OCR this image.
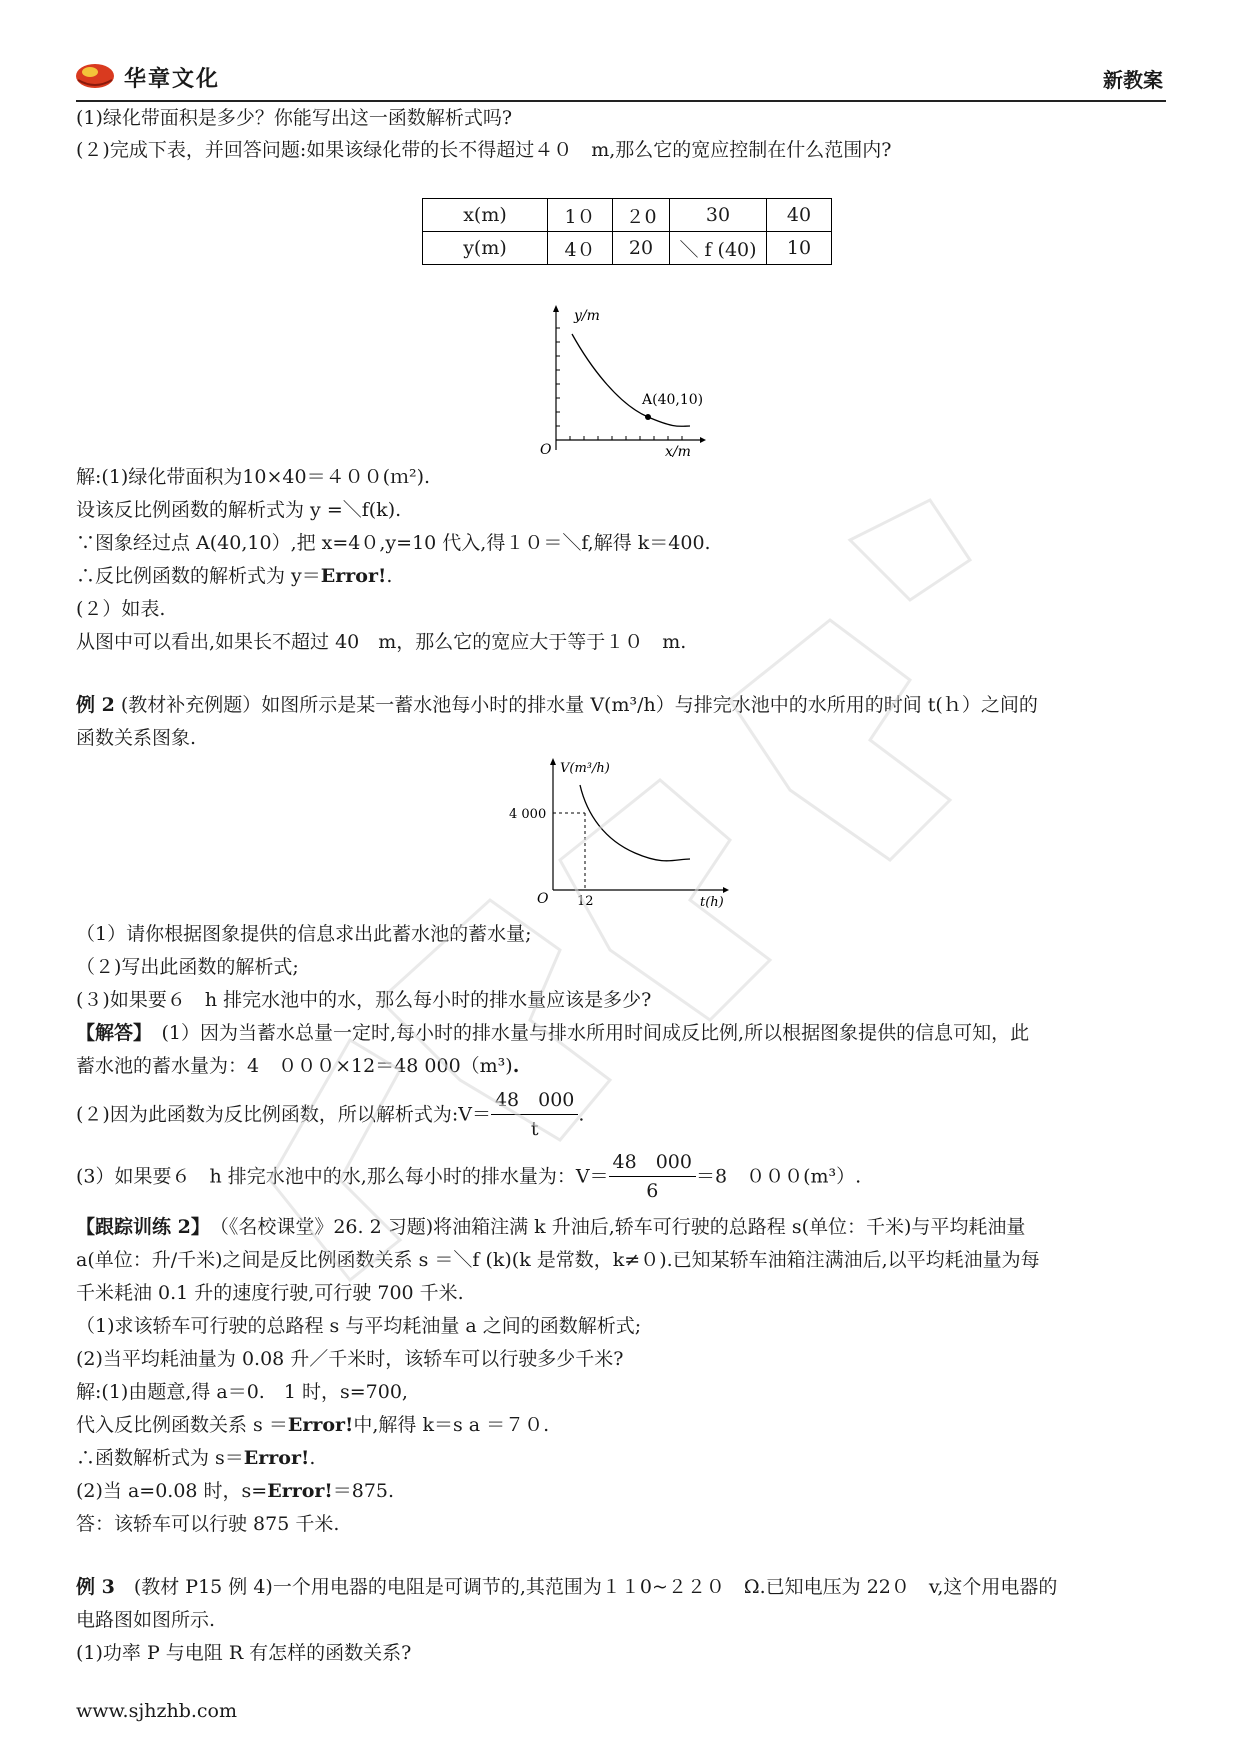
华章文化	新教案
(1)绿化带面积是多少？你能写出这一函数解析式吗?
(２)完成下表，并回答问题:如果该绿化带的长不得超过４０　m,那么它的宽应控制在什么范围内?
x(m)	1０	２0	30	40
y(m)	4０	20	＼ f (40)	10
y/m
x/m
O
A(40,10)
解:(1)绿化带面积为10×40＝４００(ｍ²).
设该反比例函数的解析式为 y =＼f(k).
∵图象经过点 A(40,10）,把 x=4０,y=10 代入,得１０＝＼f,解得 k＝400.
∴反比例函数的解析式为 y＝Error!.
(２）如表.
从图中可以看出,如果长不超过 40　m，那么它的宽应大于等于１０　m.
例 2 (教材补充例题）如图所示是某一蓄水池每小时的排水量 V(m³/h）与排完水池中的水所用的时间 t(ｈ）之间的
函数关系图象.
V(m³/h)
t(h)
O
4 000
12
（1）请你根据图象提供的信息求出此蓄水池的蓄水量;
（２)写出此函数的解析式;
(３)如果要６　h 排完水池中的水，那么每小时的排水量应该是多少?
【解答】　(1）因为当蓄水总量一定时,每小时的排水量与排水所用时间成反比例,所以根据图象提供的信息可知，此
蓄水池的蓄水量为：4　０００×12＝48 000（m³).
(２)因为此函数为反比例函数，所以解析式为:V＝ $\frac{48 000}{t}$ .
(3）如果要６　h 排完水池中的水,那么每小时的排水量为：$V= \frac{48 000}{6} =8$　０００(m³）.
【跟踪训练 2】　（《名校课堂》26. 2 习题)将油箱注满 k 升油后,轿车可行驶的总路程 s(单位：千米)与平均耗油量
a(单位：升/千米)之间是反比例函数关系 s ＝＼f (k)(k 是常数，k≠０).已知某轿车油箱注满油后,以平均耗油量为每
千米耗油 0.1 升的速度行驶,可行驶 700 千米.
（1)求该轿车可行驶的总路程 s 与平均耗油量 a 之间的函数解析式;
(2)当平均耗油量为 0.08 升／千米时，该轿车可以行驶多少千米?
解:(1)由题意,得 a＝0.　1 时，s=700,
代入反比例函数关系 s ＝Error!中,解得 k＝s a ＝７０.
∴函数解析式为 s＝Error!.
(2)当 a=0.08 时，s=Error!＝875.
答：该轿车可以行驶 875 千米.
例 3　(教材 P15 例 4)一个用电器的电阻是可调节的,其范围为１１0~２２０　Ω.已知电压为 22０　v,这个用电器的
电路图如图所示.
(1)功率 P 与电阻 R 有怎样的函数关系?
www.sjhzhb.com
